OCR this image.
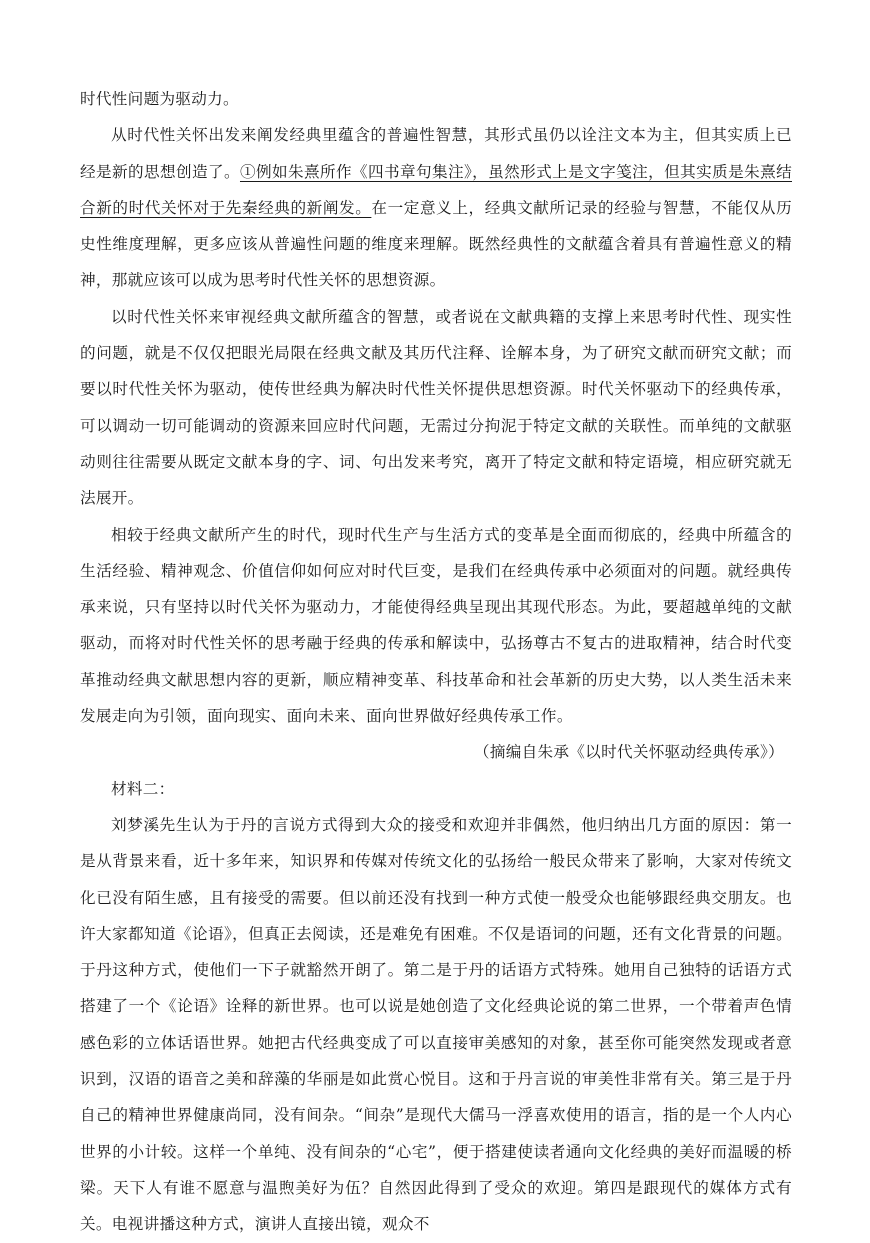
时代性问题为驱动力。

从时代性关怀出发来阐发经典里蕴含的普遍性智慧，其形式虽仍以诠注文本为主，但其实质上已经是新的思想创造了。①例如朱熹所作《四书章句集注》，虽然形式上是文字笺注，但其实质是朱熹结合新的时代关怀对于先秦经典的新阐发。在一定意义上，经典文献所记录的经验与智慧，不能仅从历史性维度理解，更多应该从普遍性问题的维度来理解。既然经典性的文献蕴含着具有普遍性意义的精神，那就应该可以成为思考时代性关怀的思想资源。

以时代性关怀来审视经典文献所蕴含的智慧，或者说在文献典籍的支撑上来思考时代性、现实性的问题，就是不仅仅把眼光局限在经典文献及其历代注释、诠解本身，为了研究文献而研究文献；而要以时代性关怀为驱动，使传世经典为解决时代性关怀提供思想资源。时代关怀驱动下的经典传承，可以调动一切可能调动的资源来回应时代问题，无需过分拘泥于特定文献的关联性。而单纯的文献驱动则往往需要从既定文献本身的字、词、句出发来考究，离开了特定文献和特定语境，相应研究就无法展开。

相较于经典文献所产生的时代，现时代生产与生活方式的变革是全面而彻底的，经典中所蕴含的生活经验、精神观念、价值信仰如何应对时代巨变，是我们在经典传承中必须面对的问题。就经典传承来说，只有坚持以时代关怀为驱动力，才能使得经典呈现出其现代形态。为此，要超越单纯的文献驱动，而将对时代性关怀的思考融于经典的传承和解读中，弘扬尊古不复古的进取精神，结合时代变革推动经典文献思想内容的更新，顺应精神变革、科技革命和社会革新的历史大势，以人类生活未来发展走向为引领，面向现实、面向未来、面向世界做好经典传承工作。

（摘编自朱承《以时代关怀驱动经典传承》）

材料二：

刘梦溪先生认为于丹的言说方式得到大众的接受和欢迎并非偶然，他归纳出几方面的原因：第一是从背景来看，近十多年来，知识界和传媒对传统文化的弘扬给一般民众带来了影响，大家对传统文化已没有陌生感，且有接受的需要。但以前还没有找到一种方式使一般受众也能够跟经典交朋友。也许大家都知道《论语》，但真正去阅读，还是难免有困难。不仅是语词的问题，还有文化背景的问题。于丹这种方式，使他们一下子就豁然开朗了。第二是于丹的话语方式特殊。她用自己独特的话语方式搭建了一个《论语》诠释的新世界。也可以说是她创造了文化经典论说的第二世界，一个带着声色情感色彩的立体话语世界。她把古代经典变成了可以直接审美感知的对象，甚至你可能突然发现或者意识到，汉语的语音之美和辞藻的华丽是如此赏心悦目。这和于丹言说的审美性非常有关。第三是于丹自己的精神世界健康尚同，没有间杂。“间杂”是现代大儒马一浮喜欢使用的语言，指的是一个人内心世界的小计较。这样一个单纯、没有间杂的“心宅”，便于搭建使读者通向文化经典的美好而温暖的桥梁。天下人有谁不愿意与温煦美好为伍？自然因此得到了受众的欢迎。第四是跟现代的媒体方式有关。电视讲播这种方式，演讲人直接出镜，观众不
